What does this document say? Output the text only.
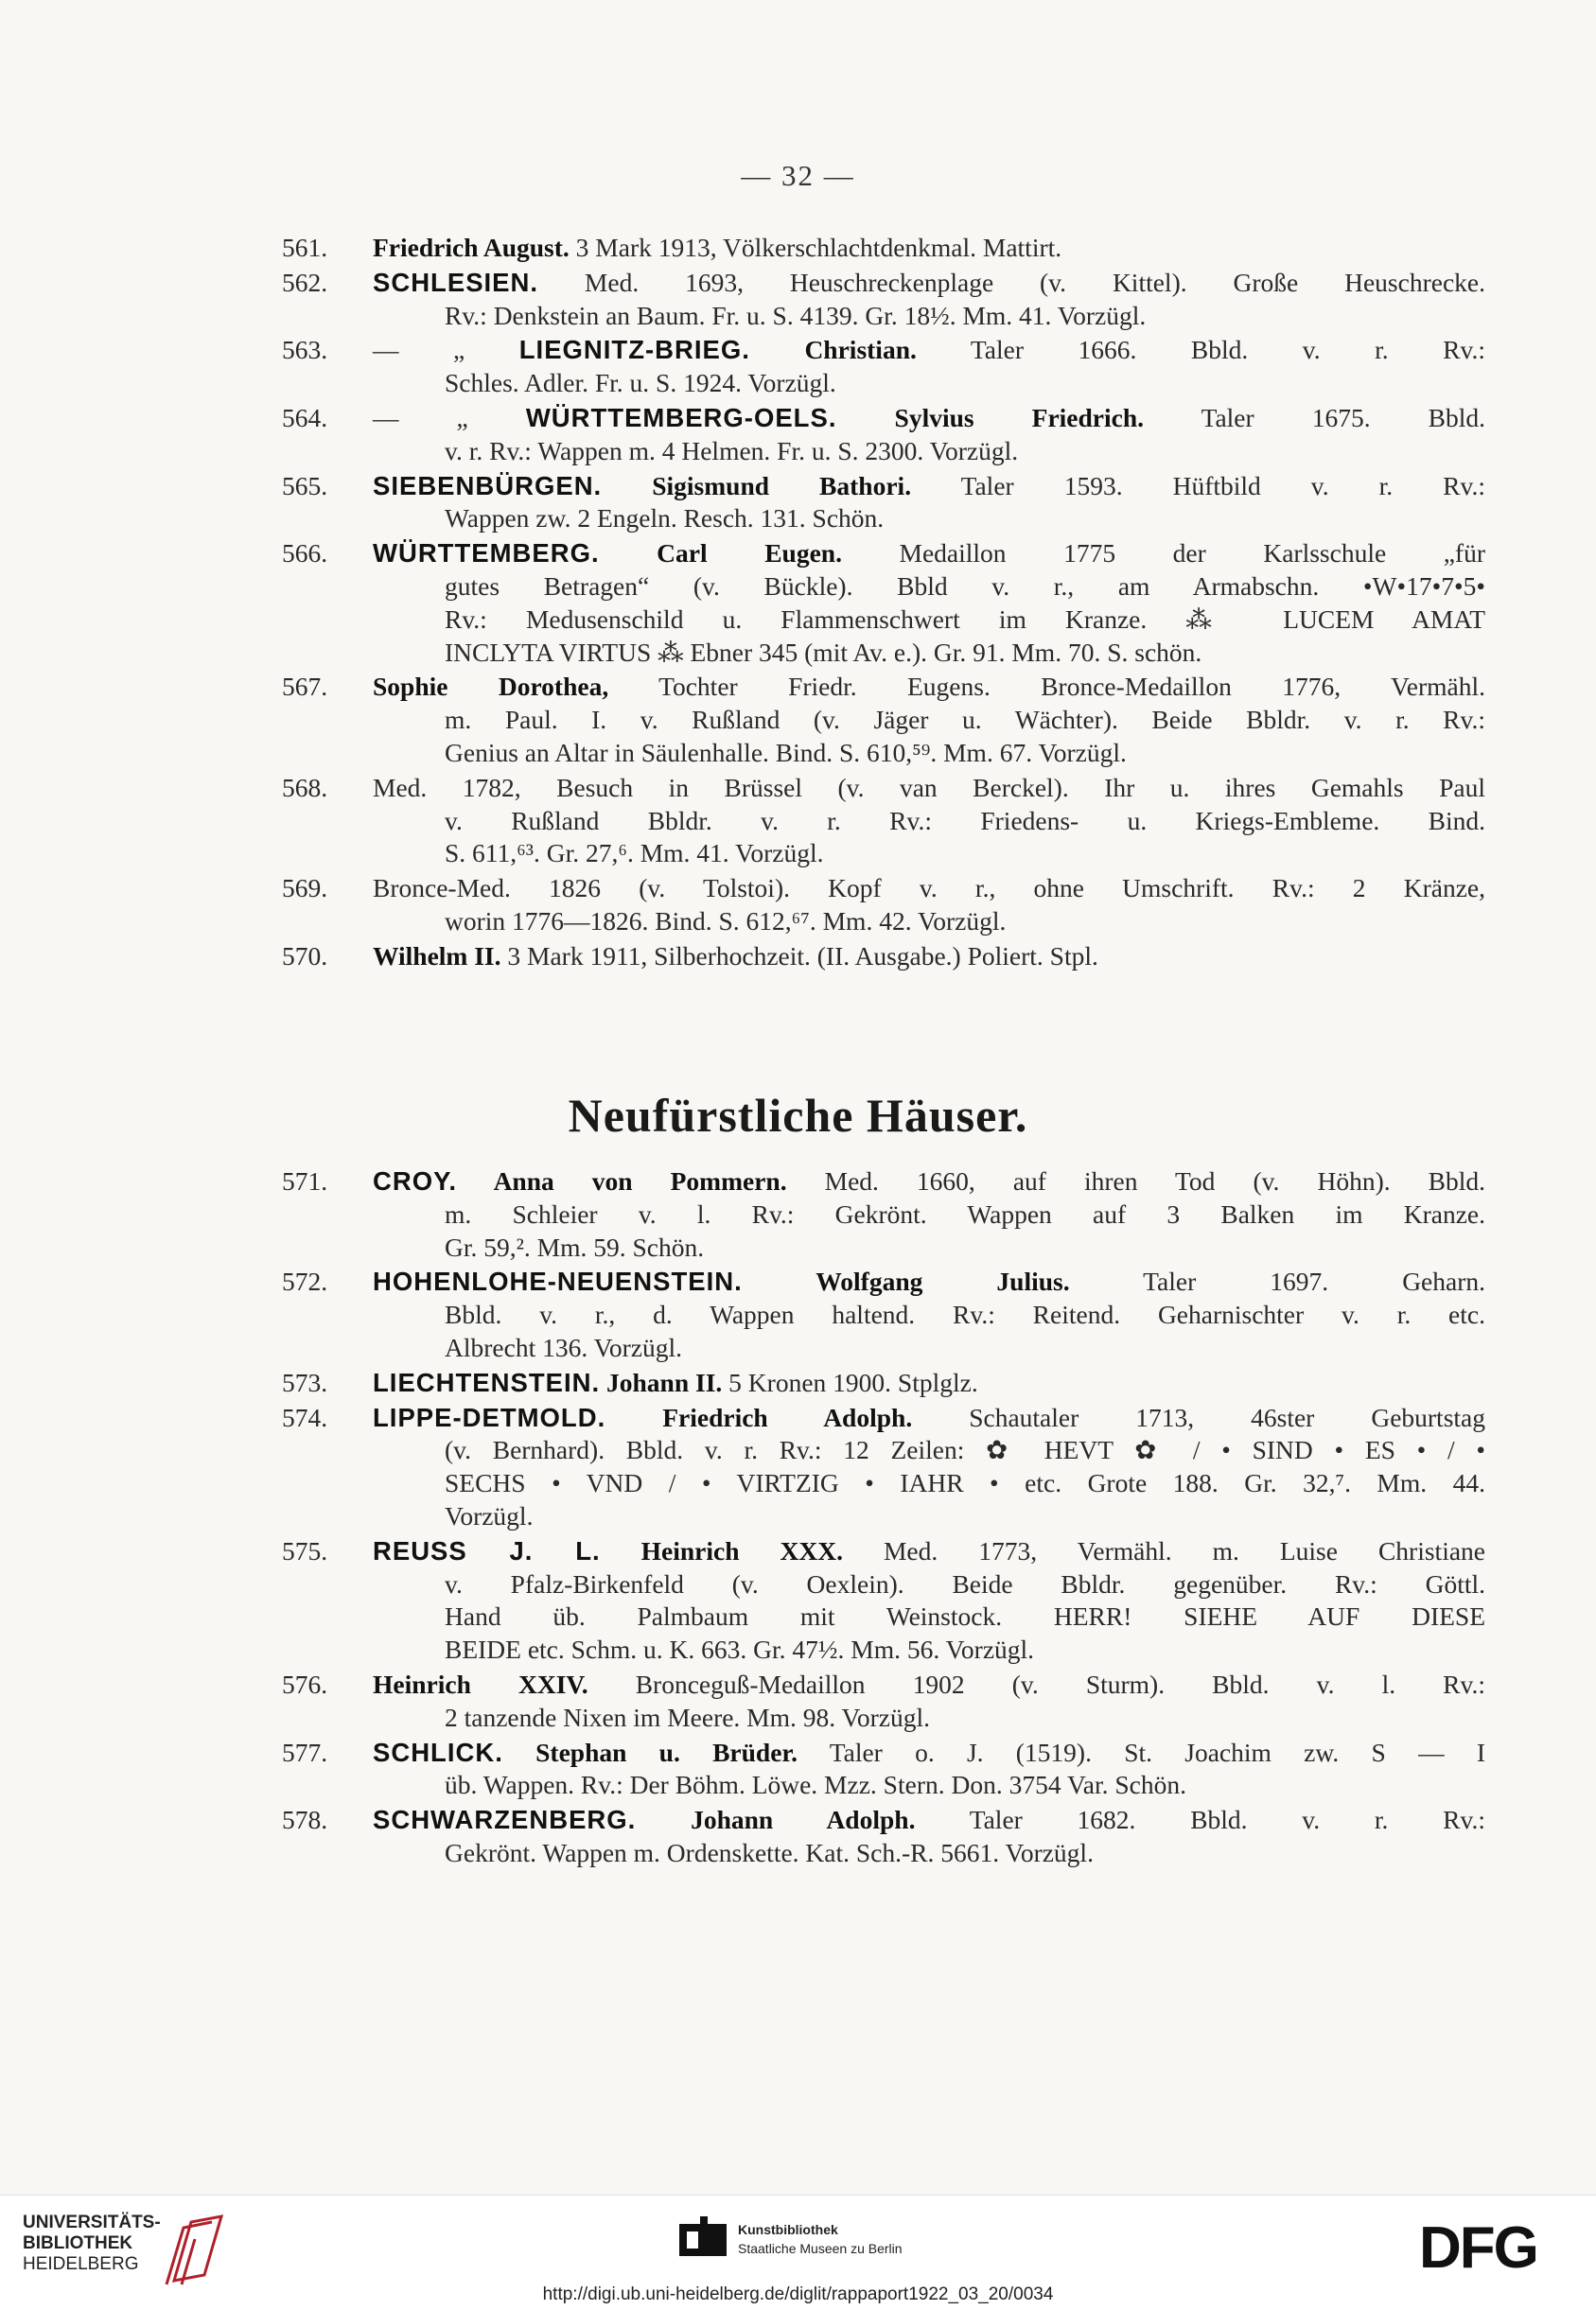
— 32 —
561.	Friedrich August. 3 Mark 1913, Völkerschlachtdenkmal. Mattirt.
562.	SCHLESIEN. Med. 1693, Heuschreckenplage (v. Kittel). Große Heuschrecke.
Rv.: Denkstein an Baum. Fr. u. S. 4139. Gr. 18½. Mm. 41. Vorzügl.
563.	— „ LIEGNITZ-BRIEG. Christian. Taler 1666. Bbld. v. r. Rv.:
Schles. Adler. Fr. u. S. 1924. Vorzügl.
564.	— „ WÜRTTEMBERG-OELS. Sylvius Friedrich. Taler 1675. Bbld.
v. r. Rv.: Wappen m. 4 Helmen. Fr. u. S. 2300. Vorzügl.
565.	SIEBENBÜRGEN. Sigismund Bathori. Taler 1593. Hüftbild v. r. Rv.:
Wappen zw. 2 Engeln. Resch. 131. Schön.
566.	WÜRTTEMBERG. Carl Eugen. Medaillon 1775 der Karlsschule „für
gutes Betragen“ (v. Bückle). Bbld v. r., am Armabschn. •W•17•7•5•
Rv.: Medusenschild u. Flammenschwert im Kranze. ⁂ LUCEM AMAT
INCLYTA VIRTUS ⁂ Ebner 345 (mit Av. e.). Gr. 91. Mm. 70. S. schön.
567.	Sophie Dorothea, Tochter Friedr. Eugens. Bronce-Medaillon 1776, Vermähl.
m. Paul. I. v. Rußland (v. Jäger u. Wächter). Beide Bbldr. v. r. Rv.:
Genius an Altar in Säulenhalle. Bind. S. 610,⁵⁹. Mm. 67. Vorzügl.
568.	Med. 1782, Besuch in Brüssel (v. van Berckel). Ihr u. ihres Gemahls Paul
v. Rußland Bbldr. v. r. Rv.: Friedens- u. Kriegs-Embleme. Bind.
S. 611,⁶³. Gr. 27,⁶. Mm. 41. Vorzügl.
569.	Bronce-Med. 1826 (v. Tolstoi). Kopf v. r., ohne Umschrift. Rv.: 2 Kränze,
worin 1776—1826. Bind. S. 612,⁶⁷. Mm. 42. Vorzügl.
570.	Wilhelm II. 3 Mark 1911, Silberhochzeit. (II. Ausgabe.) Poliert. Stpl.
Neufürstliche Häuser.
571.	CROY. Anna von Pommern. Med. 1660, auf ihren Tod (v. Höhn). Bbld.
m. Schleier v. l. Rv.: Gekrönt. Wappen auf 3 Balken im Kranze.
Gr. 59,². Mm. 59. Schön.
572.	HOHENLOHE-NEUENSTEIN. Wolfgang Julius. Taler 1697. Geharn.
Bbld. v. r., d. Wappen haltend. Rv.: Reitend. Geharnischter v. r. etc.
Albrecht 136. Vorzügl.
573.	LIECHTENSTEIN. Johann II. 5 Kronen 1900. Stplglz.
574.	LIPPE-DETMOLD. Friedrich Adolph. Schautaler 1713, 46ster Geburtstag
(v. Bernhard). Bbld. v. r. Rv.: 12 Zeilen: ✿ HEVT ✿ / • SIND • ES • / •
SECHS • VND / • VIRTZIG • IAHR • etc. Grote 188. Gr. 32,⁷. Mm. 44.
Vorzügl.
575.	REUSS J. L. Heinrich XXX. Med. 1773, Vermähl. m. Luise Christiane
v. Pfalz-Birkenfeld (v. Oexlein). Beide Bbldr. gegenüber. Rv.: Göttl.
Hand üb. Palmbaum mit Weinstock. HERR! SIEHE AUF DIESE
BEIDE etc. Schm. u. K. 663. Gr. 47½. Mm. 56. Vorzügl.
576.	Heinrich XXIV. Bronceguß-Medaillon 1902 (v. Sturm). Bbld. v. l. Rv.:
2 tanzende Nixen im Meere. Mm. 98. Vorzügl.
577.	SCHLICK. Stephan u. Brüder. Taler o. J. (1519). St. Joachim zw. S — I
üb. Wappen. Rv.: Der Böhm. Löwe. Mzz. Stern. Don. 3754 Var. Schön.
578.	SCHWARZENBERG. Johann Adolph. Taler 1682. Bbld. v. r. Rv.:
Gekrönt. Wappen m. Ordenskette. Kat. Sch.-R. 5661. Vorzügl.
UNIVERSITÄTS-
BIBLIOTHEK
HEIDELBERG
Kunstbibliothek
Staatliche Museen zu Berlin	DFG
http://digi.ub.uni-heidelberg.de/diglit/rappaport1922_03_20/0034
